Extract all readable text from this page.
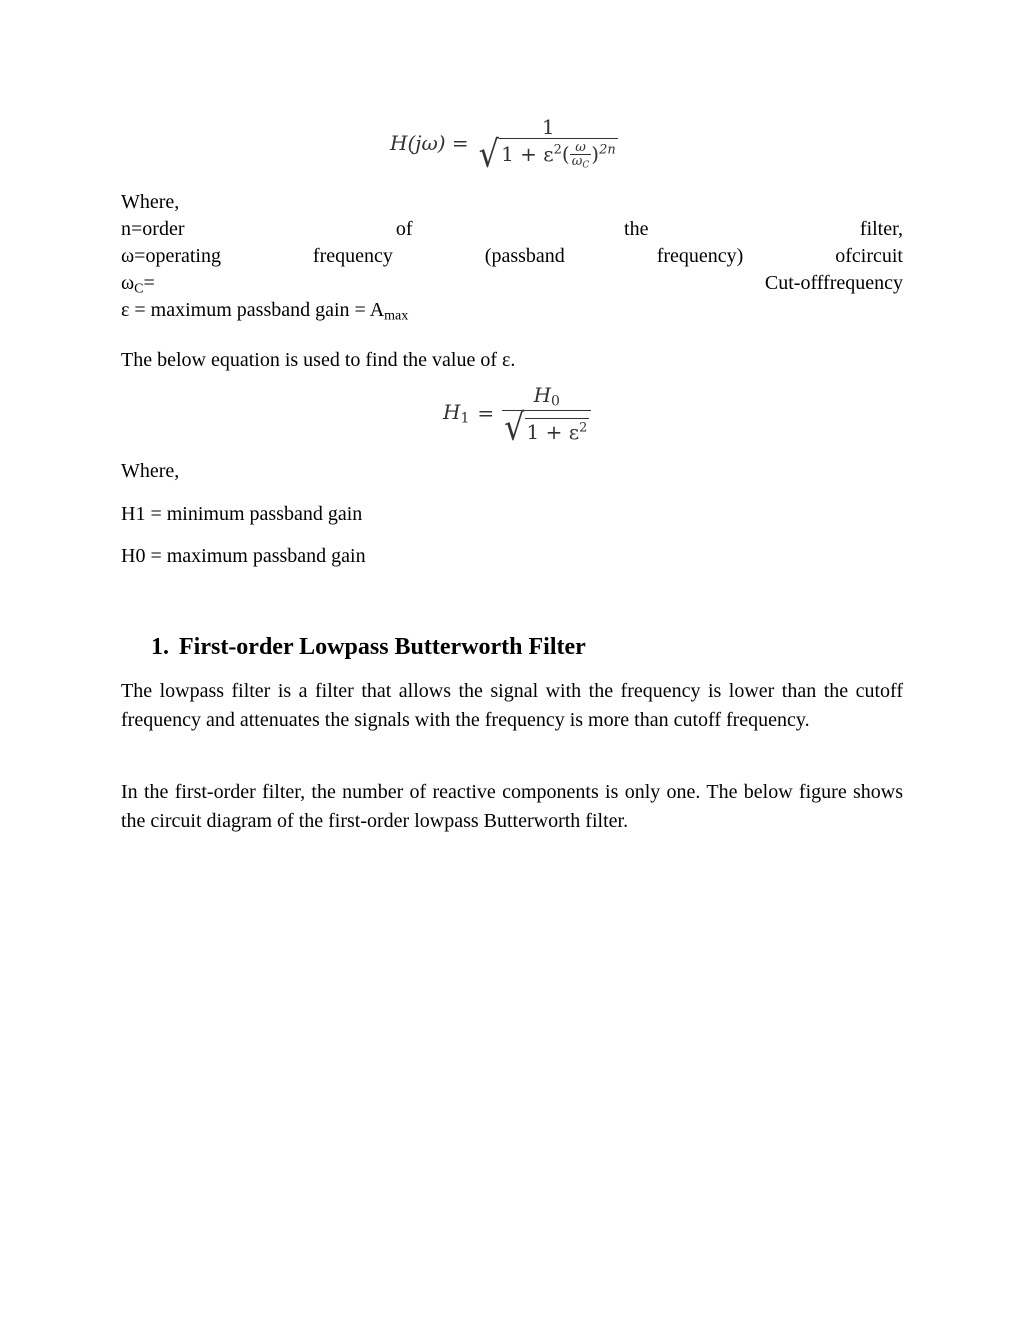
H(jω) =
1
√ $1 + \varepsilon^2( \frac{\omega}{\omega_C} )^{2n}$
Where,
n=order	of	the	filter,
ω=operating	frequency	(passband	frequency)	ofcircuit
$\omega_C=$	Cut-offfrequency
ε = maximum passband gain = $A_{max}$
The below equation is used to find the value of ε.
$H_1 = \frac{H_0}{√ 1 + \varepsilon^2}$
Where,
H1 = minimum passband gain
H0 = maximum passband gain
1. First-order Lowpass Butterworth Filter
The lowpass filter is a filter that allows the signal with the frequency is lower than the cutoff frequency and attenuates the signals with the frequency is more than cutoff frequency.
In the first-order filter, the number of reactive components is only one. The below figure shows the circuit diagram of the first-order lowpass Butterworth filter.
